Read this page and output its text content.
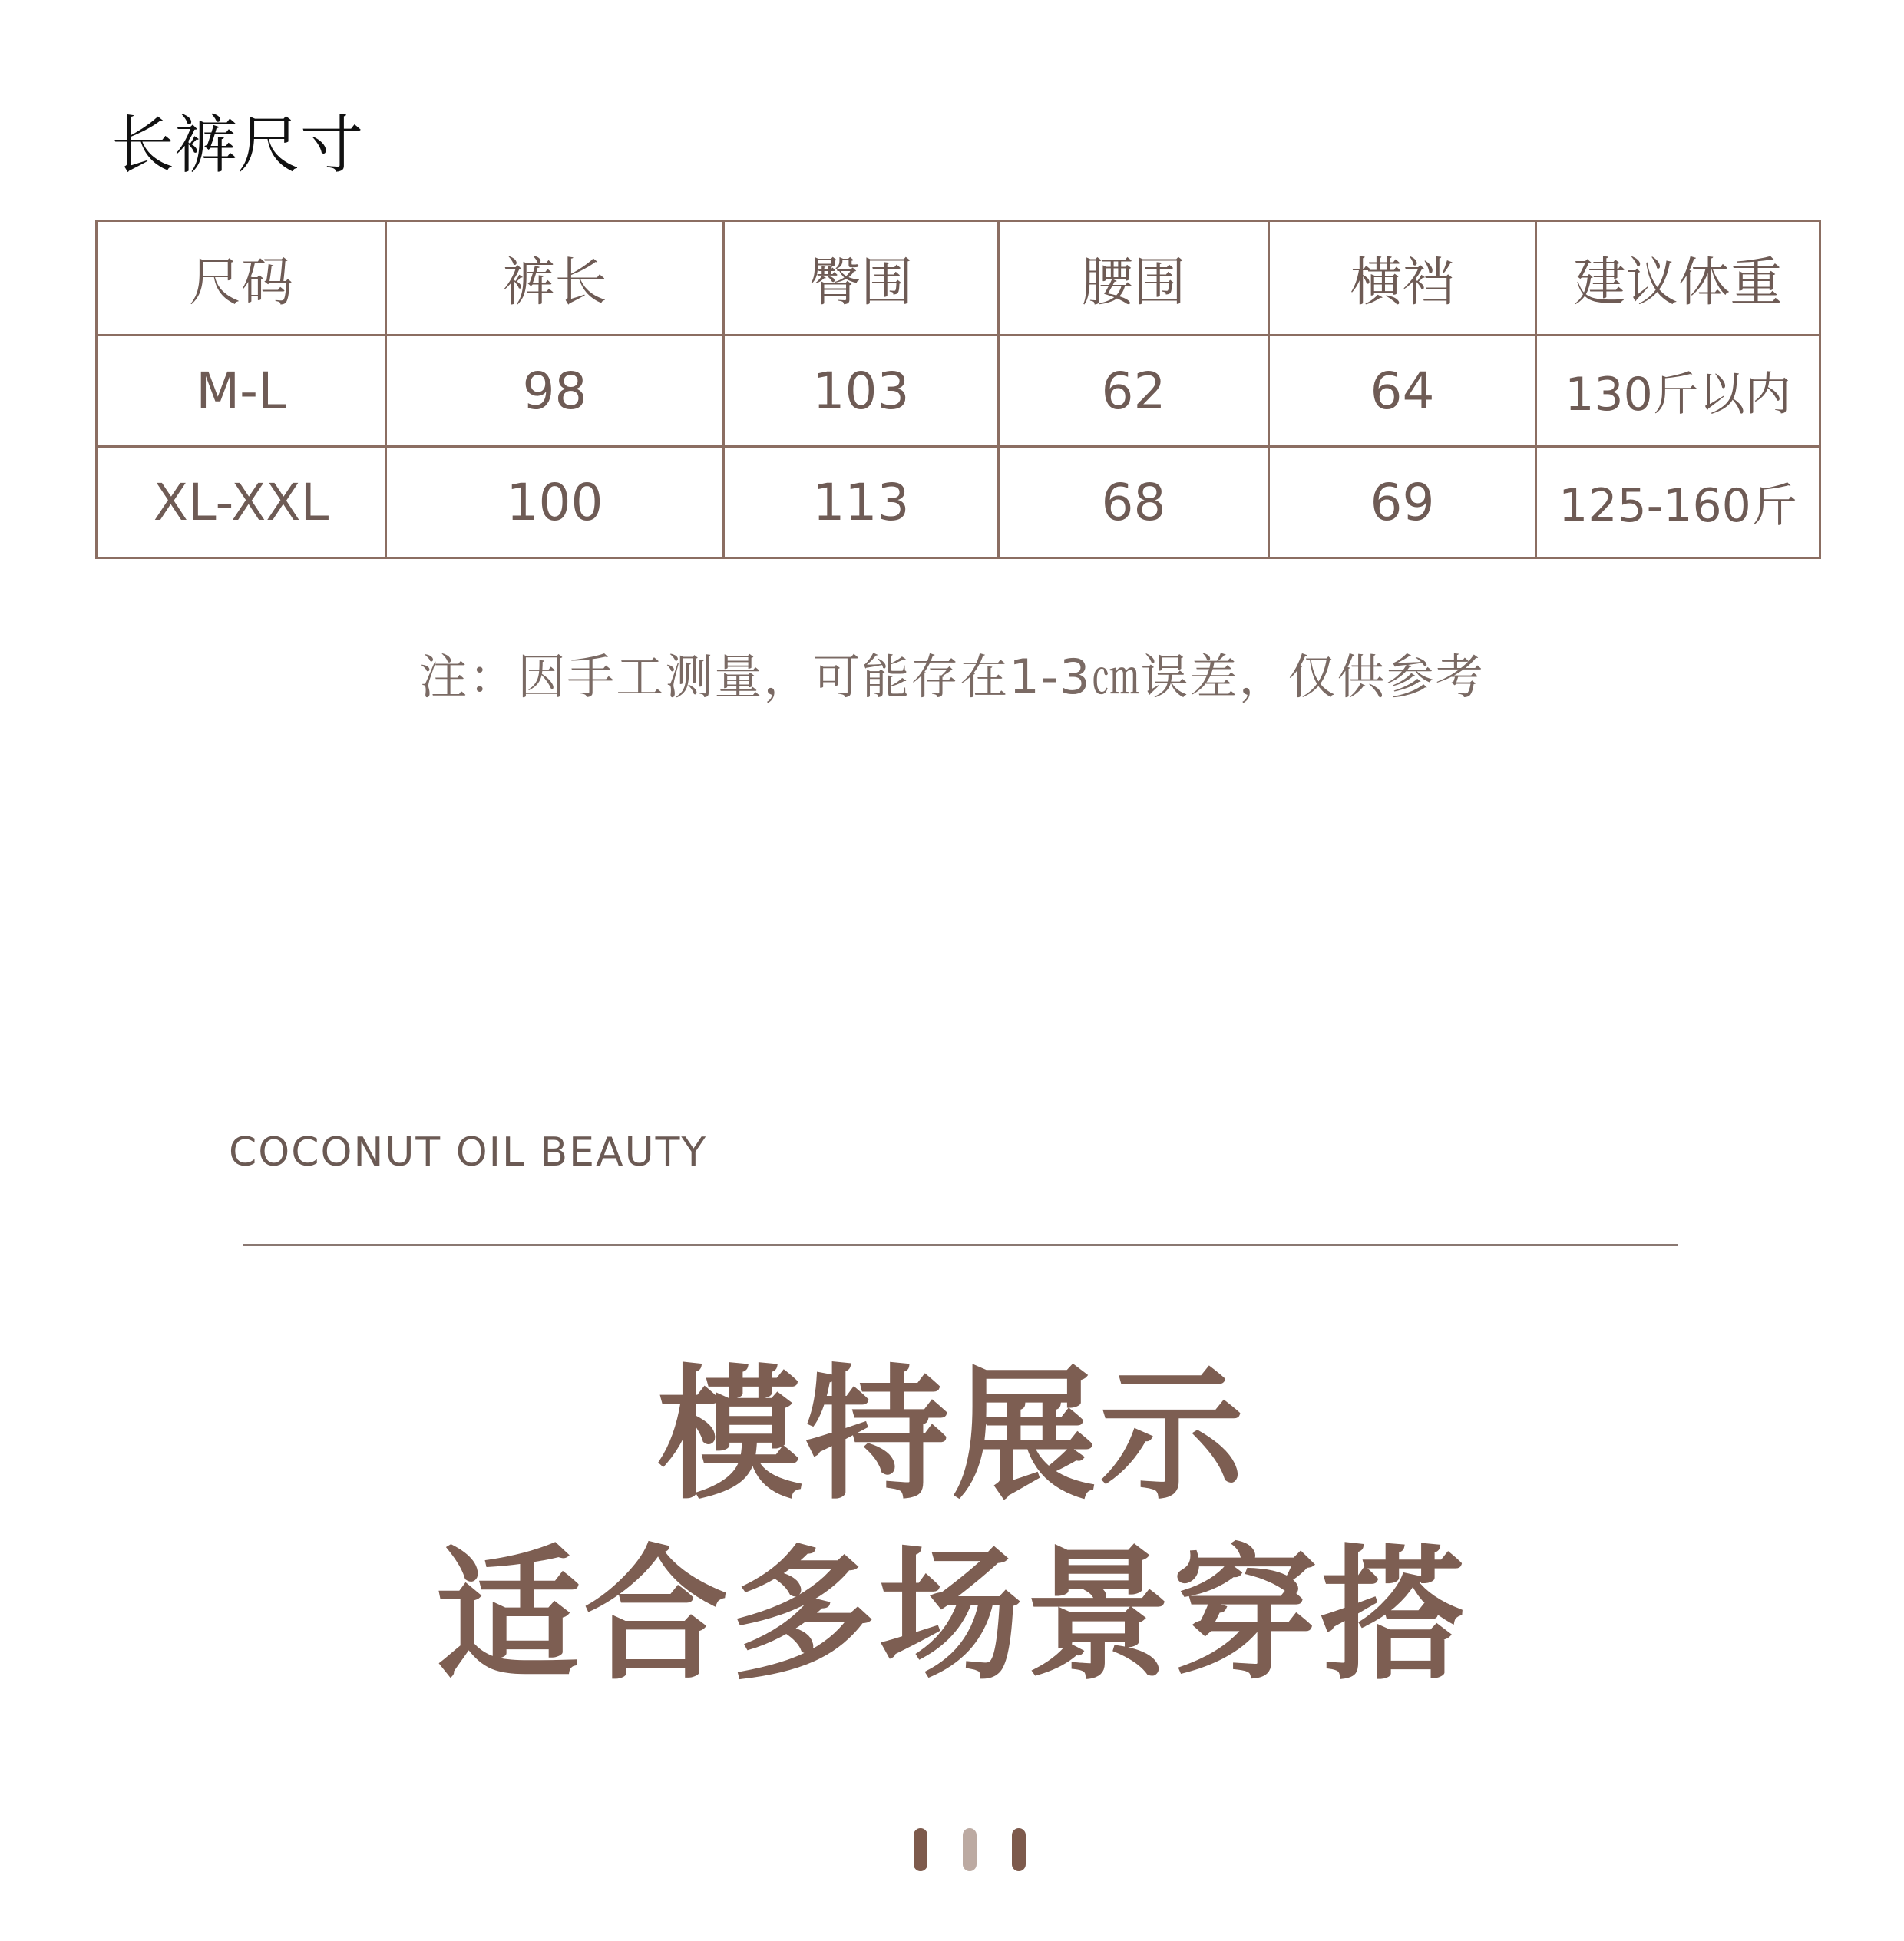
长裤尺寸
尺码	裤长	臀围	腰围	横裆	建议体重
M-L	98	103	62	64	130斤以内
XL-XXL	100	113	68	69	125-160斤
注：因手工测量，可能存在1-3㎝误差，仅供参考
COCONUT OIL BEAUTY
模特展示
适合多场景穿搭
